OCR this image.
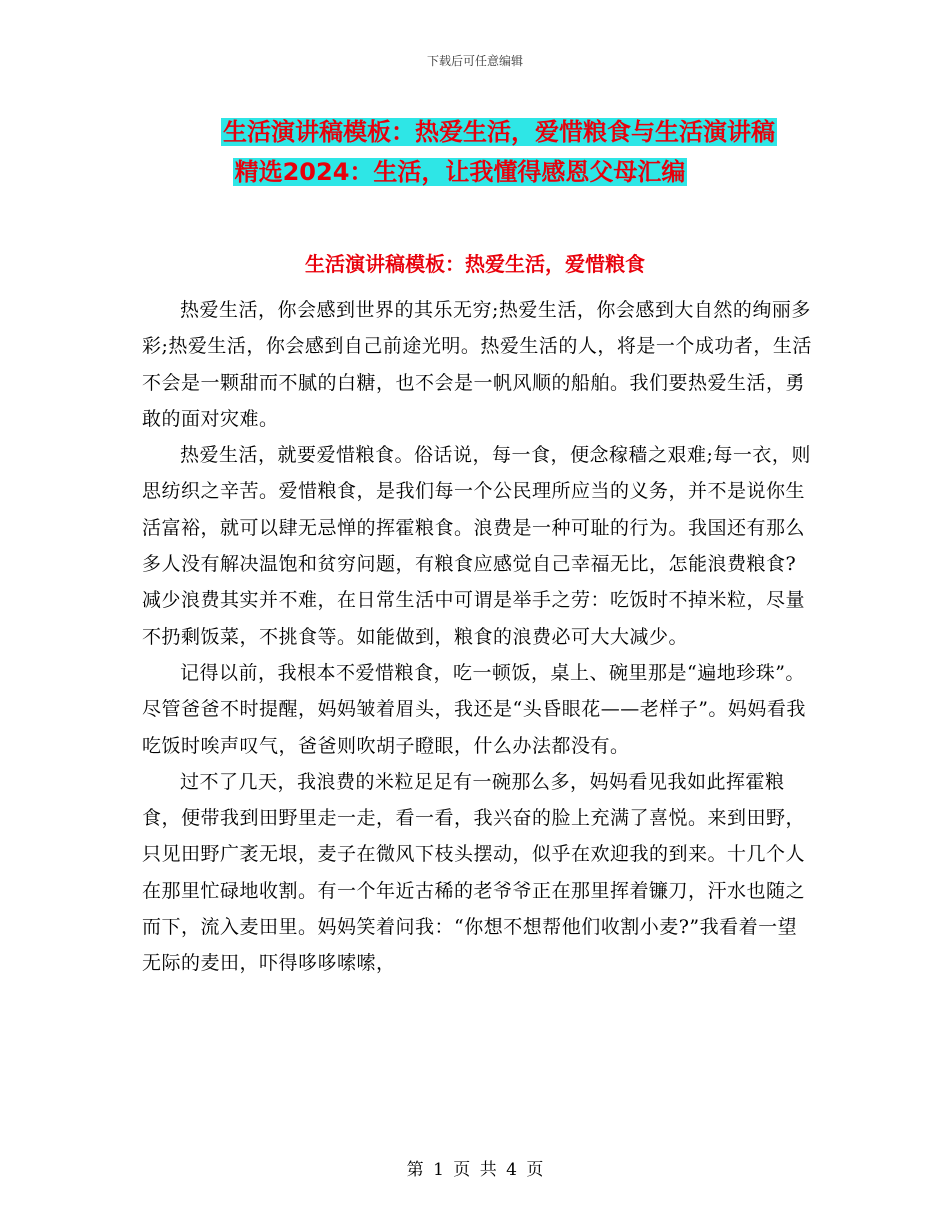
下载后可任意编辑
生活演讲稿模板：热爱生活，爱惜粮食与生活演讲稿
精选2024：生活，让我懂得感恩父母汇编
生活演讲稿模板：热爱生活，爱惜粮食

热爱生活，你会感到世界的其乐无穷;热爱生活，你会感到大自然的绚丽多彩;热爱生活，你会感到自己前途光明。热爱生活的人，将是一个成功者，生活不会是一颗甜而不腻的白糖，也不会是一帆风顺的船舶。我们要热爱生活，勇敢的面对灾难。

热爱生活，就要爱惜粮食。俗话说，每一食，便念稼穑之艰难;每一衣，则思纺织之辛苦。爱惜粮食，是我们每一个公民理所应当的义务，并不是说你生活富裕，就可以肆无忌惮的挥霍粮食。浪费是一种可耻的行为。我国还有那么多人没有解决温饱和贫穷问题，有粮食应感觉自己幸福无比，怎能浪费粮食?减少浪费其实并不难，在日常生活中可谓是举手之劳：吃饭时不掉米粒，尽量不扔剩饭菜，不挑食等。如能做到，粮食的浪费必可大大减少。

记得以前，我根本不爱惜粮食，吃一顿饭，桌上、碗里那是“遍地珍珠”。尽管爸爸不时提醒，妈妈皱着眉头，我还是“头昏眼花——老样子”。妈妈看我吃饭时唉声叹气，爸爸则吹胡子瞪眼，什么办法都没有。

过不了几天，我浪费的米粒足足有一碗那么多，妈妈看见我如此挥霍粮食，便带我到田野里走一走，看一看，我兴奋的脸上充满了喜悦。来到田野，只见田野广袤无垠，麦子在微风下枝头摆动，似乎在欢迎我的到来。十几个人在那里忙碌地收割。有一个年近古稀的老爷爷正在那里挥着镰刀，汗水也随之而下，流入麦田里。妈妈笑着问我：“你想不想帮他们收割小麦?”我看着一望无际的麦田，吓得哆哆嗦嗦，

第 1 页 共 4 页
